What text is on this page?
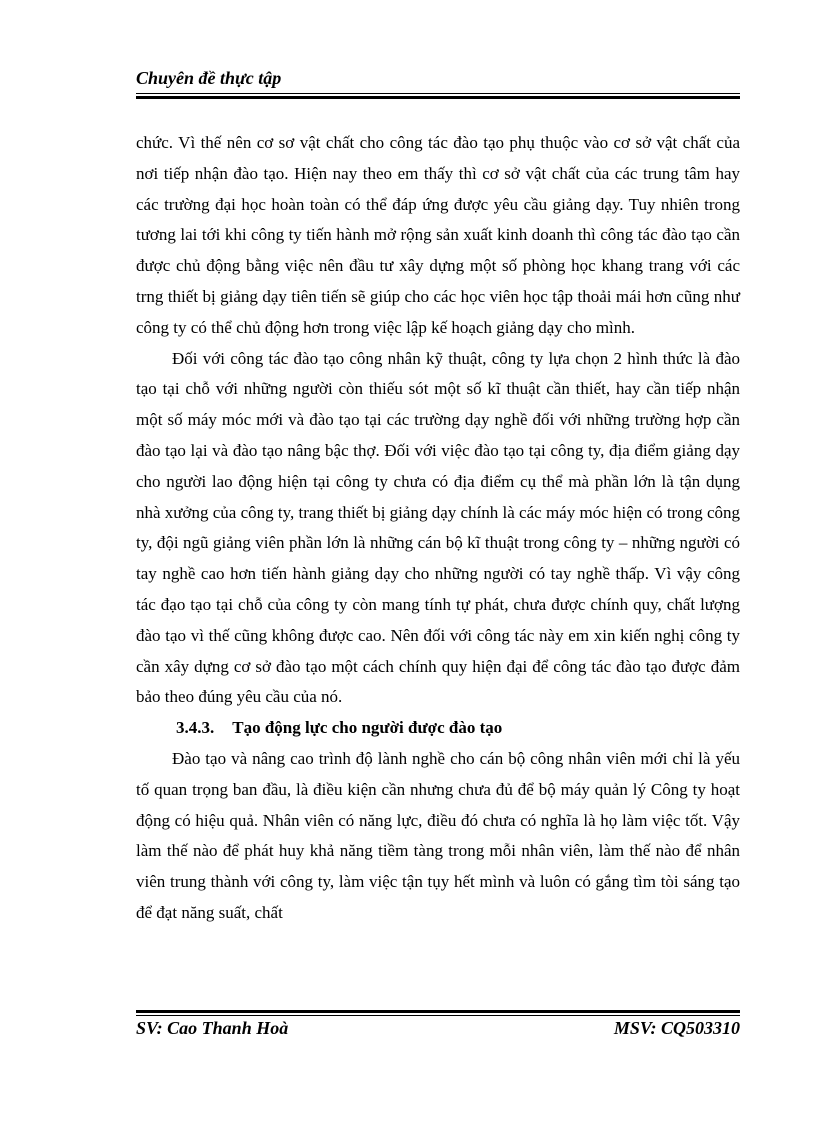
Chuyên đề thực tập

chức. Vì thế nên cơ sơ vật chất cho công tác đào tạo phụ thuộc vào cơ sở vật chất của nơi tiếp nhận đào tạo. Hiện nay theo em thấy thì cơ sở vật chất của các trung tâm hay các trường đại học hoàn toàn có thể đáp ứng được yêu cầu giảng dạy. Tuy nhiên trong tương lai tới khi công ty tiến hành mở rộng sản xuất kinh doanh thì công tác đào tạo cần được chủ động bằng việc nên đầu tư xây dựng một số phòng học khang trang với các trng thiết bị giảng dạy tiên tiến sẽ giúp cho các học viên học tập thoải mái hơn cũng như công ty có thể chủ động hơn trong việc lập kế hoạch giảng dạy cho mình.

Đối với công tác đào tạo công nhân kỹ thuật, công ty lựa chọn 2 hình thức là đào tạo tại chỗ với những người còn thiếu sót một số kĩ thuật cần thiết, hay cần tiếp nhận một số máy móc mới và đào tạo tại các trường dạy nghề đối với những trường hợp cần đào tạo lại và đào tạo nâng bậc thợ. Đối với việc đào tạo tại công ty, địa điểm giảng dạy cho người lao động hiện tại công ty chưa có địa điểm cụ thể mà phần lớn là tận dụng nhà xưởng của công ty, trang thiết bị giảng dạy chính là các máy móc hiện có trong công ty, đội ngũ giảng viên phần lớn là những cán bộ kĩ thuật trong công ty – những người có tay nghề cao hơn tiến hành giảng dạy cho những người có tay nghề thấp. Vì vậy công tác đạo tạo tại chỗ của công ty còn mang tính tự phát, chưa được chính quy, chất lượng đào tạo vì thế cũng không được cao. Nên đối với công tác này em xin kiến nghị công ty cần xây dựng cơ sở đào tạo một cách chính quy hiện đại để công tác đào tạo được đảm bảo theo đúng yêu cầu của nó.

3.4.3. Tạo động lực cho người được đào tạo

Đào tạo và nâng cao trình độ lành nghề cho cán bộ công nhân viên mới chỉ là yếu tố quan trọng ban đầu, là điều kiện cần nhưng chưa đủ để bộ máy quản lý Công ty hoạt động có hiệu quả. Nhân viên có năng lực, điều đó chưa có nghĩa là họ làm việc tốt. Vậy làm thế nào để phát huy khả năng tiềm tàng trong mỗi nhân viên, làm thế nào để nhân viên trung thành với công ty, làm việc tận tụy hết mình và luôn có gắng tìm tòi sáng tạo để đạt năng suất, chất

SV: Cao Thanh Hoà	MSV: CQ503310
